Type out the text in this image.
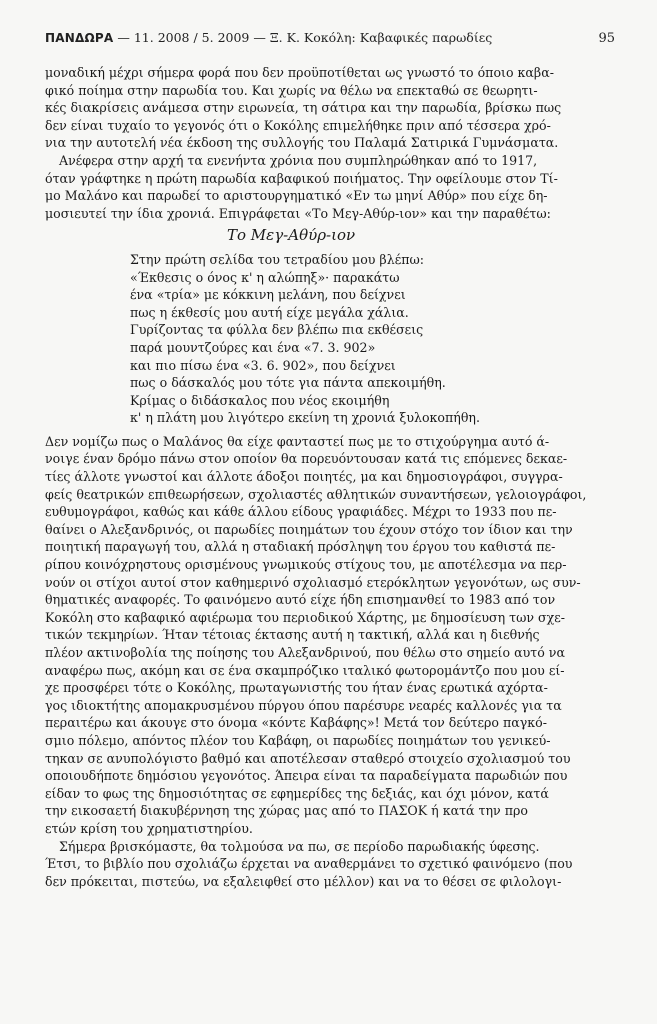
ΠΑΝΔΩΡΑ — 11. 2008 / 5. 2009 — Ξ. Κ. Κοκόλη: Καβαφικές παρωδίες	95
μοναδική μέχρι σήμερα φορά που δεν προϋποτίθεται ως γνωστό το όποιο καβα-
φικό ποίημα στην παρωδία του. Και χωρίς να θέλω να επεκταθώ σε θεωρητι-
κές διακρίσεις ανάμεσα στην ειρωνεία, τη σάτιρα και την παρωδία, βρίσκω πως
δεν είναι τυχαίο το γεγονός ότι ο Κοκόλης επιμελήθηκε πριν από τέσσερα χρό-
νια την αυτοτελή νέα έκδοση της συλλογής του Παλαμά Σατιρικά Γυμνάσματα.
Ανέφερα στην αρχή τα ενενήντα χρόνια που συμπληρώθηκαν από το 1917,
όταν γράφτηκε η πρώτη παρωδία καβαφικού ποιήματος. Την οφείλουμε στον Τί-
μο Μαλάνο και παρωδεί το αριστουργηματικό «Εν τω μηνί Αθύρ» που είχε δη-
μοσιευτεί την ίδια χρονιά. Επιγράφεται «Το Μεγ-Αθύρ-ιον» και την παραθέτω:
Το Μεγ-Αθύρ-ιον
Στην πρώτη σελίδα του τετραδίου μου βλέπω:
«Έκθεσις ο όνος κ' η αλώπηξ»· παρακάτω
ένα «τρία» με κόκκινη μελάνη, που δείχνει
πως η έκθεσίς μου αυτή είχε μεγάλα χάλια.
Γυρίζοντας τα φύλλα δεν βλέπω πια εκθέσεις
παρά μουντζούρες και ένα «7. 3. 902»
και πιο πίσω ένα «3. 6. 902», που δείχνει
πως ο δάσκαλός μου τότε για πάντα απεκοιμήθη.
Κρίμας ο διδάσκαλος που νέος εκοιμήθη
κ' η πλάτη μου λιγότερο εκείνη τη χρονιά ξυλοκοπήθη.
Δεν νομίζω πως ο Μαλάνος θα είχε φανταστεί πως με το στιχούργημα αυτό ά-
νοιγε έναν δρόμο πάνω στον οποίον θα πορευόντουσαν κατά τις επόμενες δεκαε-
τίες άλλοτε γνωστοί και άλλοτε άδοξοι ποιητές, μα και δημοσιογράφοι, συγγρα-
φείς θεατρικών επιθεωρήσεων, σχολιαστές αθλητικών συναντήσεων, γελοιογράφοι,
ευθυμογράφοι, καθώς και κάθε άλλου είδους γραφιάδες. Μέχρι το 1933 που πε-
θαίνει ο Αλεξανδρινός, οι παρωδίες ποιημάτων του έχουν στόχο τον ίδιον και την
ποιητική παραγωγή του, αλλά η σταδιακή πρόσληψη του έργου του καθιστά πε-
ρίπου κοινόχρηστους ορισμένους γνωμικούς στίχους του, με αποτέλεσμα να περ-
νούν οι στίχοι αυτοί στον καθημερινό σχολιασμό ετερόκλητων γεγονότων, ως συν-
θηματικές αναφορές. Το φαινόμενο αυτό είχε ήδη επισημανθεί το 1983 από τον
Κοκόλη στο καβαφικό αφιέρωμα του περιοδικού Χάρτης, με δημοσίευση των σχε-
τικών τεκμηρίων. Ήταν τέτοιας έκτασης αυτή η τακτική, αλλά και η διεθνής
πλέον ακτινοβολία της ποίησης του Αλεξανδρινού, που θέλω στο σημείο αυτό να
αναφέρω πως, ακόμη και σε ένα σκαμπρόζικο ιταλικό φωτορομάντζο που μου εί-
χε προσφέρει τότε ο Κοκόλης, πρωταγωνιστής του ήταν ένας ερωτικά αχόρτα-
γος ιδιοκτήτης απομακρυσμένου πύργου όπου παρέσυρε νεαρές καλλονές για τα
περαιτέρω και άκουγε στο όνομα «κόντε Καβάφης»! Μετά τον δεύτερο παγκό-
σμιο πόλεμο, απόντος πλέον του Καβάφη, οι παρωδίες ποιημάτων του γενικεύ-
τηκαν σε ανυπολόγιστο βαθμό και αποτέλεσαν σταθερό στοιχείο σχολιασμού του
οποιουδήποτε δημόσιου γεγονότος. Άπειρα είναι τα παραδείγματα παρωδιών που
είδαν το φως της δημοσιότητας σε εφημερίδες της δεξιάς, και όχι μόνον, κατά
την εικοσαετή διακυβέρνηση της χώρας μας από το ΠΑΣΟΚ ή κατά την προ
ετών κρίση του χρηματιστηρίου.
Σήμερα βρισκόμαστε, θα τολμούσα να πω, σε περίοδο παρωδιακής ύφεσης.
Έτσι, το βιβλίο που σχολιάζω έρχεται να αναθερμάνει το σχετικό φαινόμενο (που
δεν πρόκειται, πιστεύω, να εξαλειφθεί στο μέλλον) και να το θέσει σε φιλολογι-
